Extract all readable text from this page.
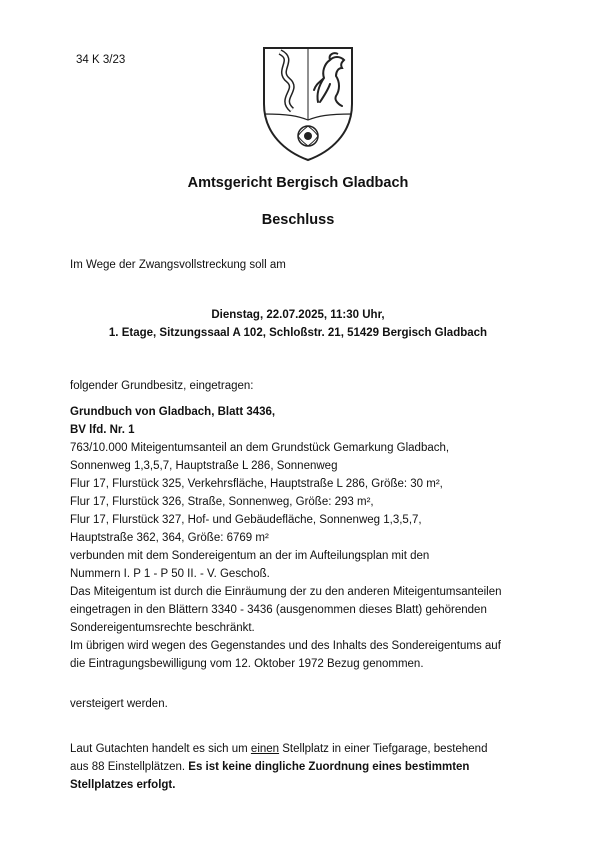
34 K 3/23
Amtsgericht Bergisch Gladbach
Beschluss
Im Wege der Zwangsvollstreckung soll am
Dienstag, 22.07.2025, 11:30 Uhr,
1. Etage, Sitzungssaal A 102, Schloßstr. 21, 51429 Bergisch Gladbach
folgender Grundbesitz, eingetragen:
Grundbuch von Gladbach, Blatt 3436,
BV lfd. Nr. 1
763/10.000 Miteigentumsanteil an dem Grundstück Gemarkung Gladbach,
Sonnenweg 1,3,5,7, Hauptstraße L 286, Sonnenweg
Flur 17, Flurstück 325, Verkehrsfläche, Hauptstraße L 286, Größe: 30 m²,
Flur 17, Flurstück 326, Straße, Sonnenweg, Größe: 293 m²,
Flur 17, Flurstück 327, Hof- und Gebäudefläche, Sonnenweg 1,3,5,7,
Hauptstraße 362, 364, Größe: 6769 m²
verbunden mit dem Sondereigentum an der im Aufteilungsplan mit den
Nummern I. P 1 - P 50 II. - V. Geschoß.
Das Miteigentum ist durch die Einräumung der zu den anderen Miteigentumsanteilen
eingetragen in den Blättern 3340 - 3436 (ausgenommen dieses Blatt) gehörenden
Sondereigentumsrechte beschränkt.
Im übrigen wird wegen des Gegenstandes und des Inhalts des Sondereigentums auf
die Eintragungsbewilligung vom 12. Oktober 1972 Bezug genommen.
versteigert werden.
Laut Gutachten handelt es sich um einen Stellplatz in einer Tiefgarage, bestehend
aus 88 Einstellplätzen. Es ist keine dingliche Zuordnung eines bestimmten
Stellplatzes erfolgt.
